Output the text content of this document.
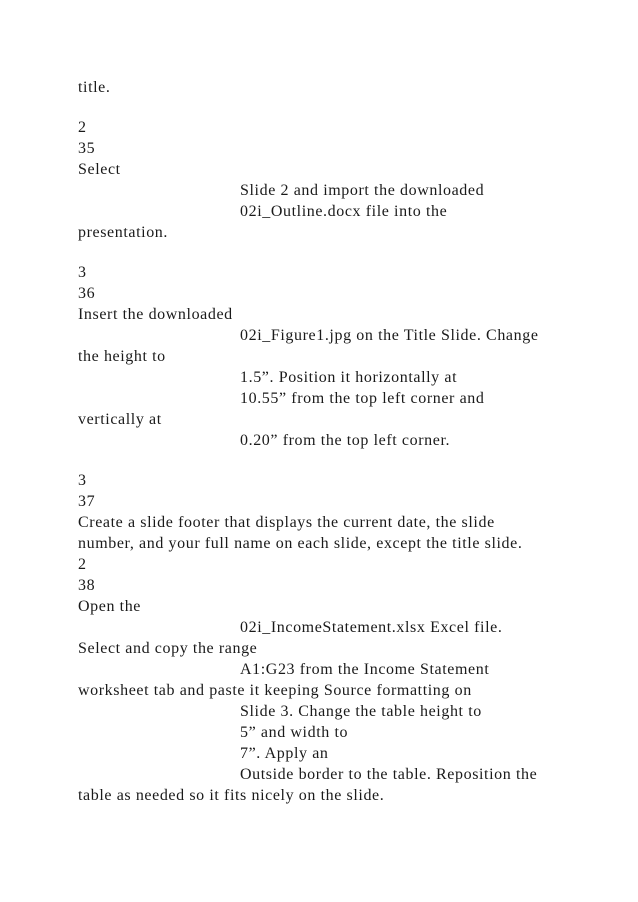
title.
2
35
Select
Slide 2 and import the downloaded
02i_Outline.docx file into the
presentation.
3
36
Insert the downloaded
02i_Figure1.jpg on the Title Slide. Change
the height to
1.5”. Position it horizontally at
10.55” from the top left corner and
vertically at
0.20” from the top left corner.
3
37
Create a slide footer that displays the current date, the slide
number, and your full name on each slide, except the title slide.
2
38
Open the
02i_IncomeStatement.xlsx Excel file.
Select and copy the range
A1:G23 from the Income Statement
worksheet tab and paste it keeping Source formatting on
Slide 3. Change the table height to
5” and width to
7”. Apply an
Outside border to the table. Reposition the
table as needed so it fits nicely on the slide.
